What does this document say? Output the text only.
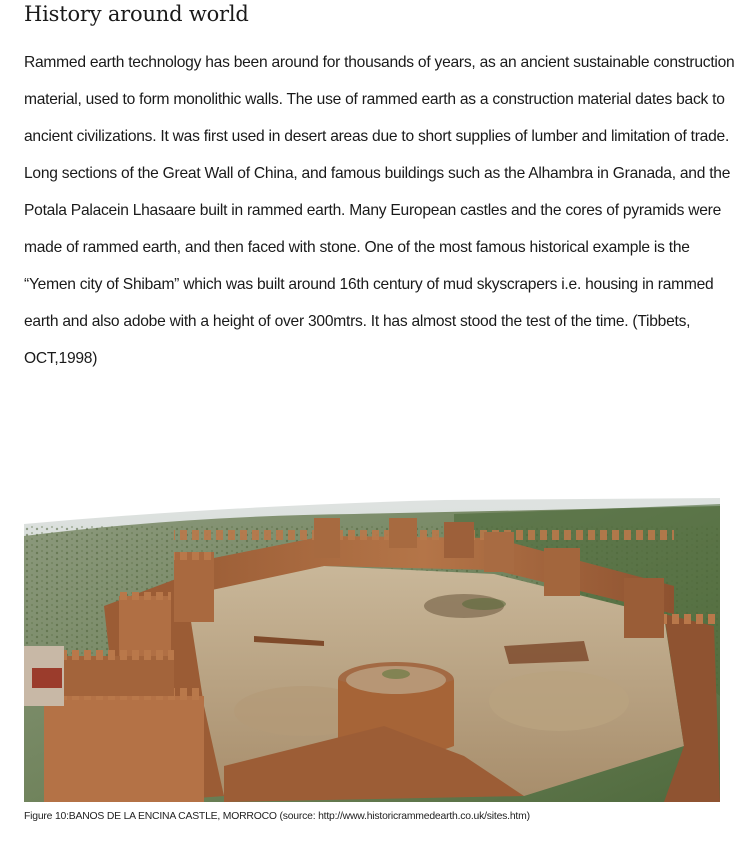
History around world

Rammed earth technology has been around for thousands of years, as an ancient sustainable construction material, used to form monolithic walls. The use of rammed earth as a construction material dates back to ancient civilizations. It was first used in desert areas due to short supplies of lumber and limitation of trade. Long sections of the Great Wall of China, and famous buildings such as the Alhambra in Granada, and the Potala Palacein Lhasaare built in rammed earth. Many European castles and the cores of pyramids were made of rammed earth, and then faced with stone. One of the most famous historical example is the “Yemen city of Shibam” which was built around 16th century of mud skyscrapers i.e. housing in rammed earth and also adobe with a height of over 300mtrs. It has almost stood the test of the time. (Tibbets, OCT,1998)

Figure 10:BANOS DE LA ENCINA CASTLE, MORROCO (source: http://www.historicrammedearth.co.uk/sites.htm)
